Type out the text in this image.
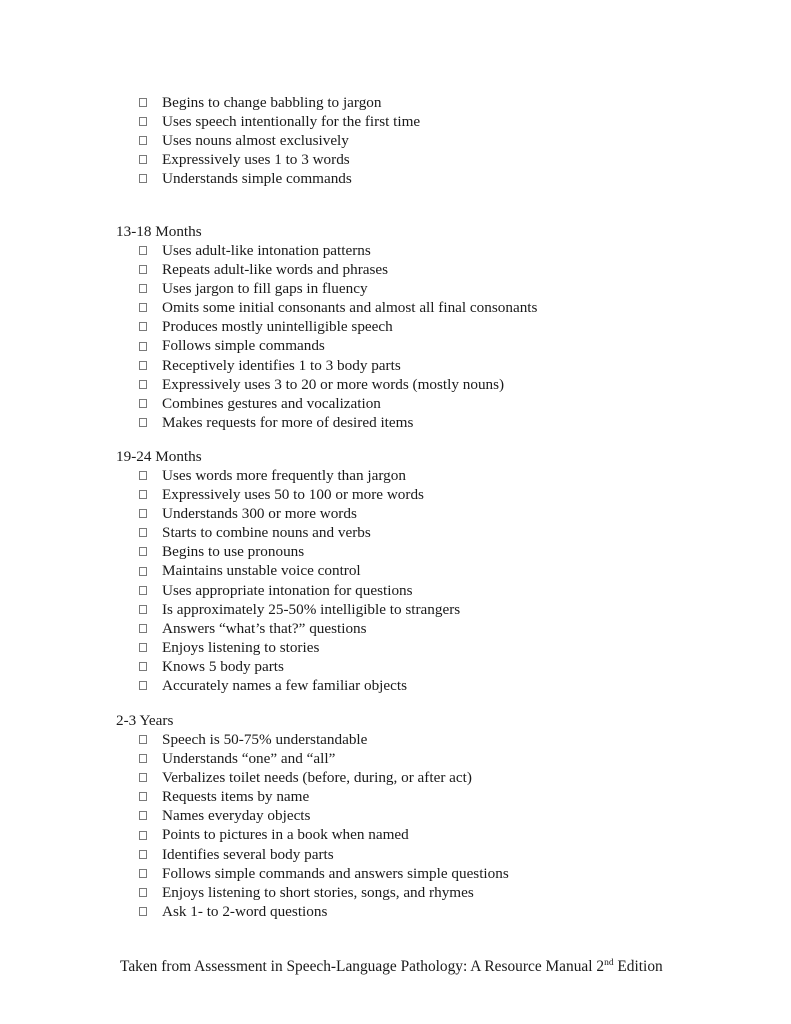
Begins to change babbling to jargon
Uses speech intentionally for the first time
Uses nouns almost exclusively
Expressively uses 1 to 3 words
Understands simple commands
13-18 Months
Uses adult-like intonation patterns
Repeats adult-like words and phrases
Uses jargon to fill gaps in fluency
Omits some initial consonants and almost all final consonants
Produces mostly unintelligible speech
Follows simple commands
Receptively identifies 1 to 3 body parts
Expressively uses 3 to 20 or more words (mostly nouns)
Combines gestures and vocalization
Makes requests for more of desired items
19-24 Months
Uses words more frequently than jargon
Expressively uses 50 to 100 or more words
Understands 300 or more words
Starts to combine nouns and verbs
Begins to use pronouns
Maintains unstable voice control
Uses appropriate intonation for questions
Is approximately 25-50% intelligible to strangers
Answers “what’s that?” questions
Enjoys listening to stories
Knows 5 body parts
Accurately names a few familiar objects
2-3 Years
Speech is 50-75% understandable
Understands “one” and “all”
Verbalizes toilet needs (before, during, or after act)
Requests items by name
Names everyday objects
Points to pictures in a book when named
Identifies several body parts
Follows simple commands and answers simple questions
Enjoys listening to short stories, songs, and rhymes
Ask 1- to 2-word questions
Taken from Assessment in Speech-Language Pathology: A Resource Manual 2nd Edition
